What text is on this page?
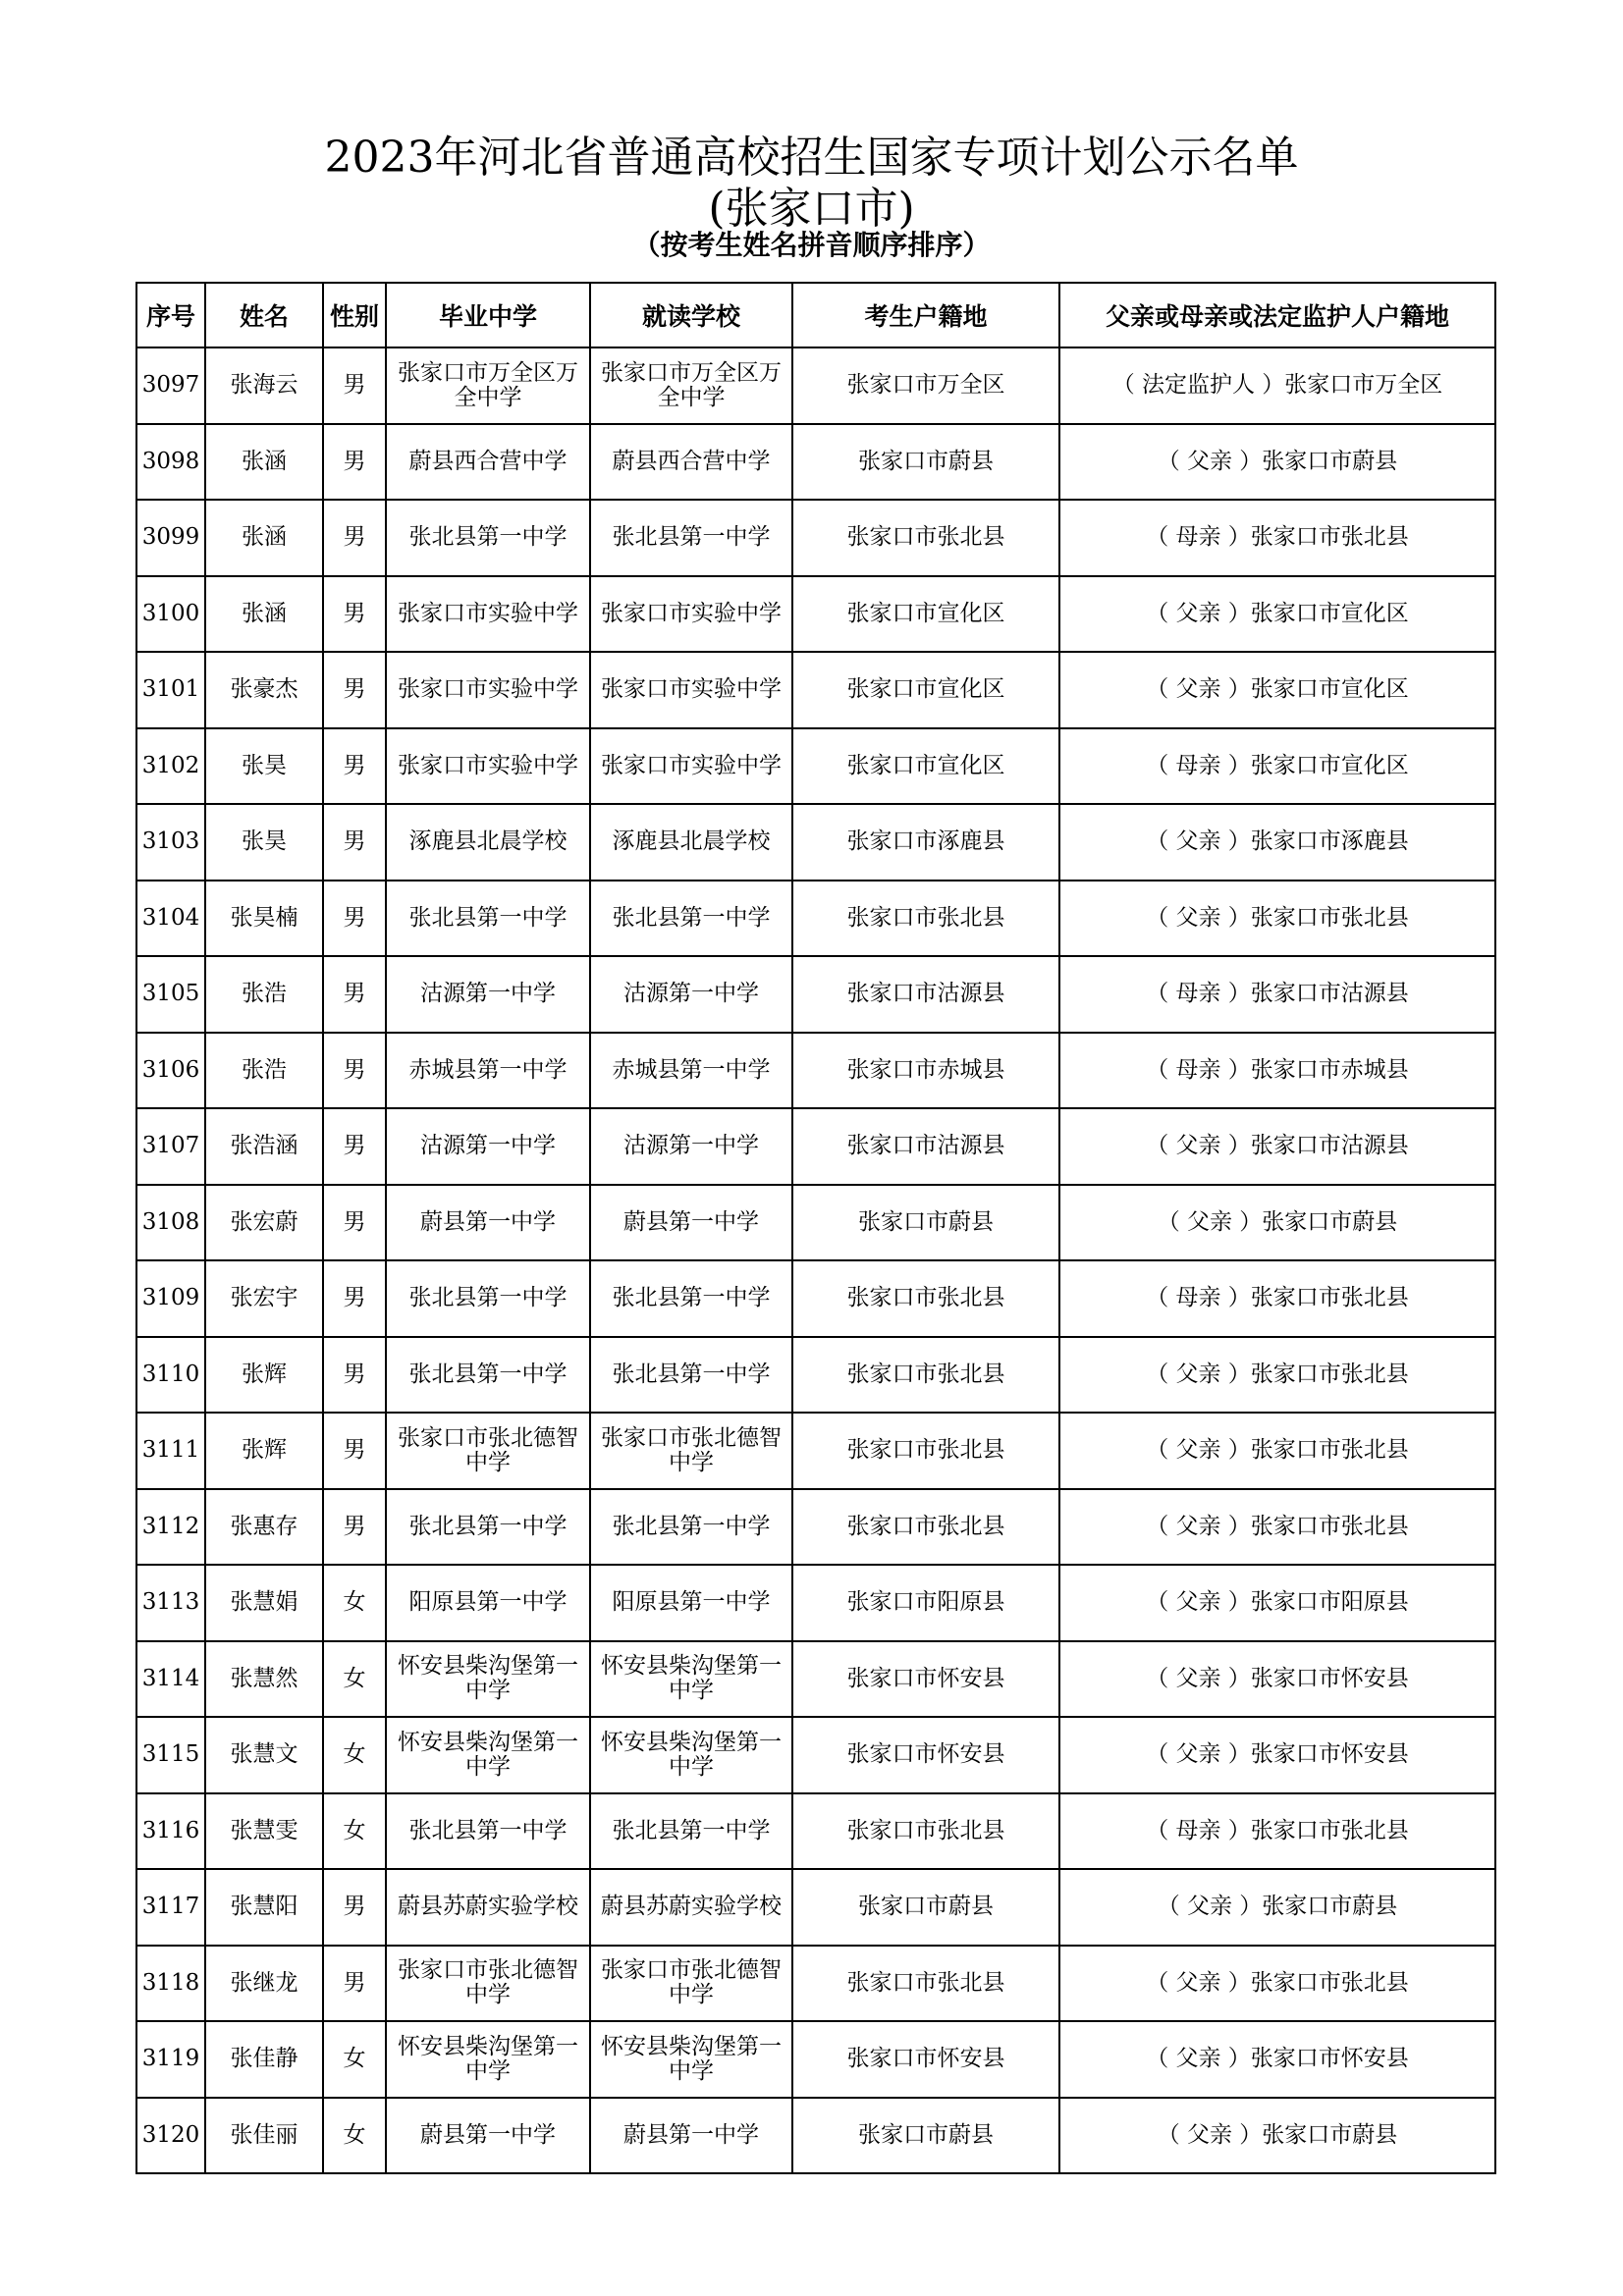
2023年河北省普通高校招生国家专项计划公示名单
(张家口市)
（按考生姓名拼音顺序排序）
序号	姓名	性别	毕业中学	就读学校	考生户籍地	父亲或母亲或法定监护人户籍地
3097	张海云	男	张家口市万全区万全中学	张家口市万全区万全中学	张家口市万全区	（ 法定监护人 ）张家口市万全区
3098	张涵	男	蔚县西合营中学	蔚县西合营中学	张家口市蔚县	（ 父亲 ）张家口市蔚县
3099	张涵	男	张北县第一中学	张北县第一中学	张家口市张北县	（ 母亲 ）张家口市张北县
3100	张涵	男	张家口市实验中学	张家口市实验中学	张家口市宣化区	（ 父亲 ）张家口市宣化区
3101	张豪杰	男	张家口市实验中学	张家口市实验中学	张家口市宣化区	（ 父亲 ）张家口市宣化区
3102	张昊	男	张家口市实验中学	张家口市实验中学	张家口市宣化区	（ 母亲 ）张家口市宣化区
3103	张昊	男	涿鹿县北晨学校	涿鹿县北晨学校	张家口市涿鹿县	（ 父亲 ）张家口市涿鹿县
3104	张昊楠	男	张北县第一中学	张北县第一中学	张家口市张北县	（ 父亲 ）张家口市张北县
3105	张浩	男	沽源第一中学	沽源第一中学	张家口市沽源县	（ 母亲 ）张家口市沽源县
3106	张浩	男	赤城县第一中学	赤城县第一中学	张家口市赤城县	（ 母亲 ）张家口市赤城县
3107	张浩涵	男	沽源第一中学	沽源第一中学	张家口市沽源县	（ 父亲 ）张家口市沽源县
3108	张宏蔚	男	蔚县第一中学	蔚县第一中学	张家口市蔚县	（ 父亲 ）张家口市蔚县
3109	张宏宇	男	张北县第一中学	张北县第一中学	张家口市张北县	（ 母亲 ）张家口市张北县
3110	张辉	男	张北县第一中学	张北县第一中学	张家口市张北县	（ 父亲 ）张家口市张北县
3111	张辉	男	张家口市张北德智中学	张家口市张北德智中学	张家口市张北县	（ 父亲 ）张家口市张北县
3112	张惠存	男	张北县第一中学	张北县第一中学	张家口市张北县	（ 父亲 ）张家口市张北县
3113	张慧娟	女	阳原县第一中学	阳原县第一中学	张家口市阳原县	（ 父亲 ）张家口市阳原县
3114	张慧然	女	怀安县柴沟堡第一中学	怀安县柴沟堡第一中学	张家口市怀安县	（ 父亲 ）张家口市怀安县
3115	张慧文	女	怀安县柴沟堡第一中学	怀安县柴沟堡第一中学	张家口市怀安县	（ 父亲 ）张家口市怀安县
3116	张慧雯	女	张北县第一中学	张北县第一中学	张家口市张北县	（ 母亲 ）张家口市张北县
3117	张慧阳	男	蔚县苏蔚实验学校	蔚县苏蔚实验学校	张家口市蔚县	（ 父亲 ）张家口市蔚县
3118	张继龙	男	张家口市张北德智中学	张家口市张北德智中学	张家口市张北县	（ 父亲 ）张家口市张北县
3119	张佳静	女	怀安县柴沟堡第一中学	怀安县柴沟堡第一中学	张家口市怀安县	（ 父亲 ）张家口市怀安县
3120	张佳丽	女	蔚县第一中学	蔚县第一中学	张家口市蔚县	（ 父亲 ）张家口市蔚县
